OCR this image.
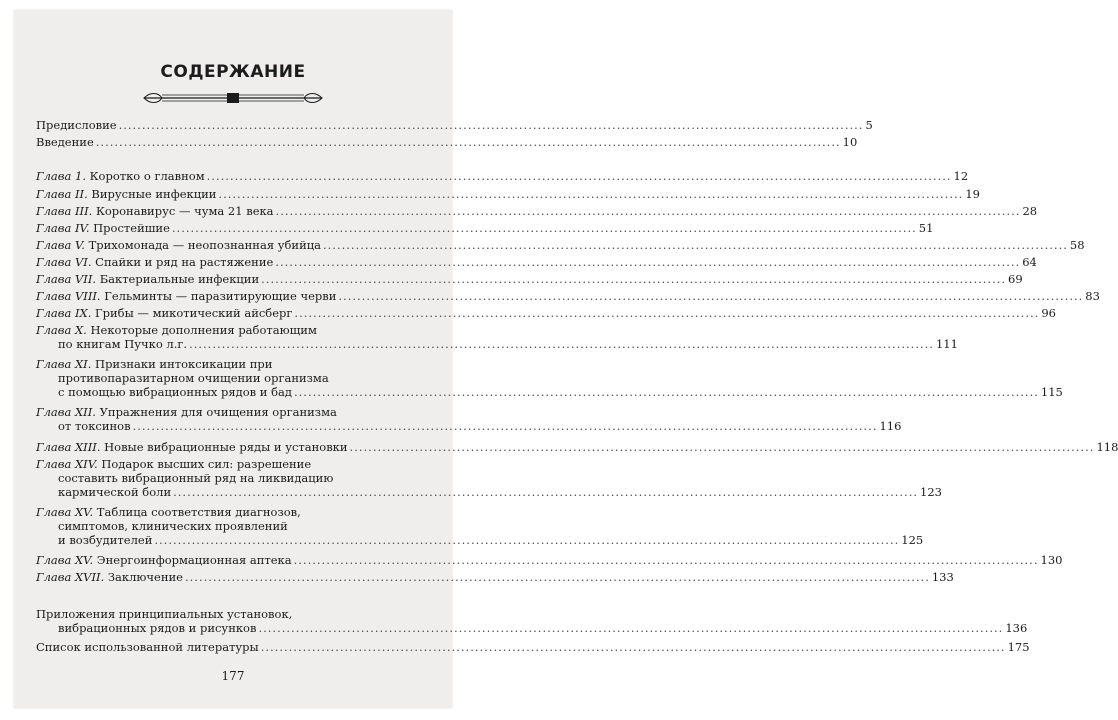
СОДЕРЖАНИЕ
Предисловие ................................................................................................................................................................ 5
Введение ................................................................................................................................................................ 10
Глава 1. Коротко о главном ................................................................................................................................................................ 12
Глава II. Вирусные инфекции ................................................................................................................................................................ 19
Глава III. Коронавирус — чума 21 века ................................................................................................................................................................ 28
Глава IV. Простейшие ................................................................................................................................................................ 51
Глава V. Трихомонада — неопознанная убийца ................................................................................................................................................................ 58
Глава VI. Спайки и ряд на растяжение ................................................................................................................................................................ 64
Глава VII. Бактериальные инфекции ................................................................................................................................................................ 69
Глава VIII. Гельминты — паразитирующие черви ................................................................................................................................................................ 83
Глава IX. Грибы — микотический айсберг ................................................................................................................................................................ 96
Глава X. Некоторые дополнения работающим
по книгам Пучко л.г. ................................................................................................................................................................ 111
Глава XI. Признаки интоксикации при
противопаразитарном очищении организма
с помощью вибрационных рядов и бад ................................................................................................................................................................ 115
Глава XII. Упражнения для очищения организма
от токсинов ................................................................................................................................................................ 116
Глава XIII. Новые вибрационные ряды и установки ................................................................................................................................................................ 118
Глава XIV. Подарок высших сил: разрешение
составить вибрационный ряд на ликвидацию
кармической боли ................................................................................................................................................................ 123
Глава XV. Таблица соответствия диагнозов,
симптомов, клинических проявлений
и возбудителей ................................................................................................................................................................ 125
Глава XV. Энергоинформационная аптека ................................................................................................................................................................ 130
Глава XVII. Заключение ................................................................................................................................................................ 133
Приложения принципиальных установок,
вибрационных рядов и рисунков ................................................................................................................................................................ 136
Список использованной литературы ................................................................................................................................................................ 175
177
